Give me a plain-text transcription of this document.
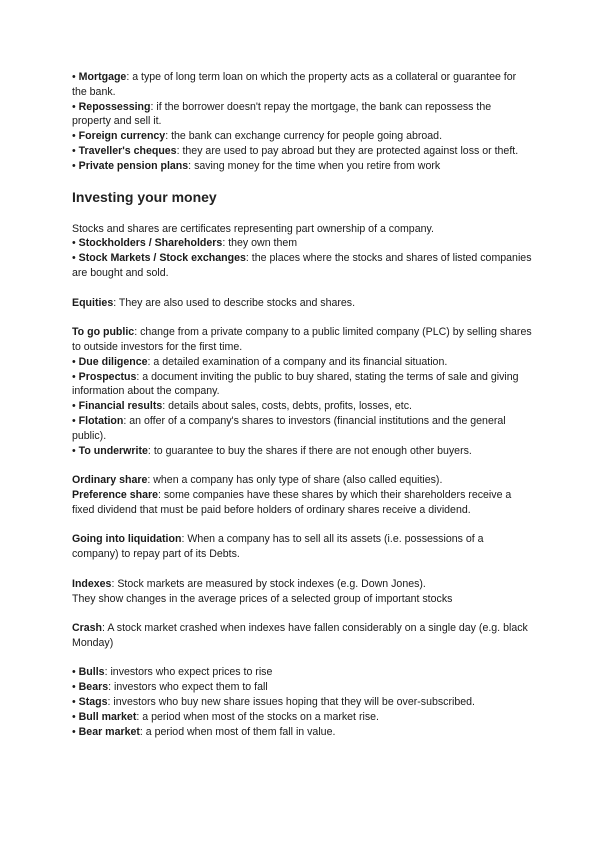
• Mortgage: a type of long term loan on which the property acts as a collateral or guarantee for the bank.

• Repossessing: if the borrower doesn't repay the mortgage, the bank can repossess the property and sell it.

• Foreign currency: the bank can exchange currency for people going abroad.

• Traveller's cheques: they are used to pay abroad but they are protected against loss or theft.

• Private pension plans: saving money for the time when you retire from work

Investing your money

Stocks and shares are certificates representing part ownership of a company.

• Stockholders / Shareholders: they own them

• Stock Markets / Stock exchanges: the places where the stocks and shares of listed companies are bought and sold.

Equities: They are also used to describe stocks and shares.

To go public: change from a private company to a public limited company (PLC) by selling shares to outside investors for the first time.

• Due diligence: a detailed examination of a company and its financial situation.

• Prospectus: a document inviting the public to buy shared, stating the terms of sale and giving information about the company.

• Financial results: details about sales, costs, debts, profits, losses, etc.

• Flotation: an offer of a company's shares to investors (financial institutions and the general public).

• To underwrite: to guarantee to buy the shares if there are not enough other buyers.

Ordinary share: when a company has only type of share (also called equities).

Preference share: some companies have these shares by which their shareholders receive a fixed dividend that must be paid before holders of ordinary shares receive a dividend.

Going into liquidation: When a company has to sell all its assets (i.e. possessions of a company) to repay part of its Debts.

Indexes: Stock markets are measured by stock indexes (e.g. Down Jones).

They show changes in the average prices of a selected group of important stocks

Crash: A stock market crashed when indexes have fallen considerably on a single day (e.g. black Monday)

• Bulls: investors who expect prices to rise

• Bears: investors who expect them to fall

• Stags: investors who buy new share issues hoping that they will be over-subscribed.

• Bull market: a period when most of the stocks on a market rise.

• Bear market: a period when most of them fall in value.
